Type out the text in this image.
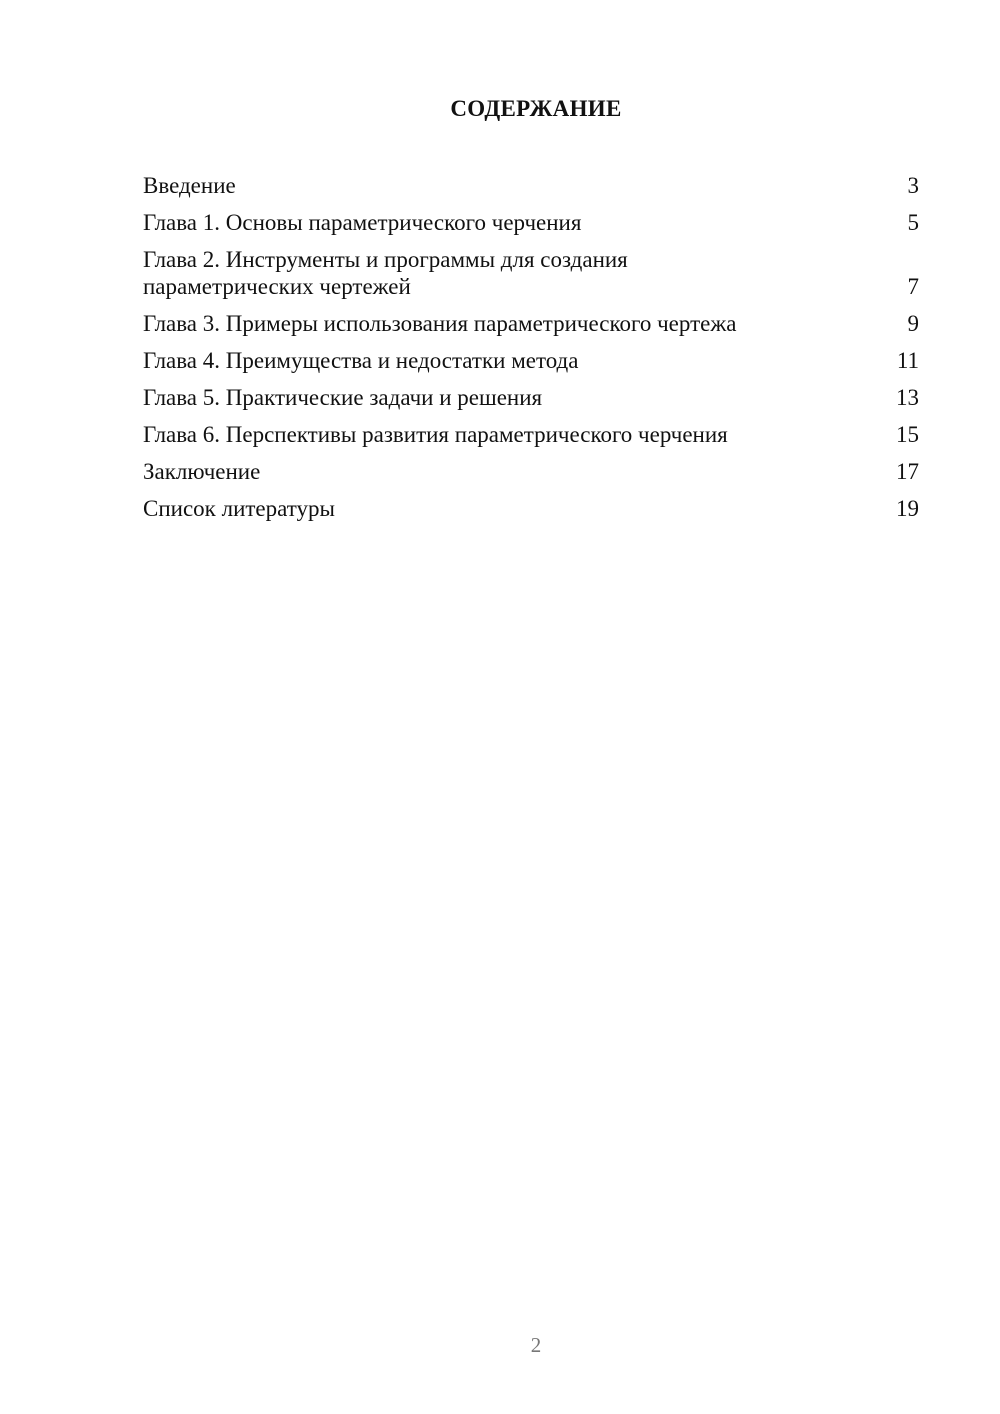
СОДЕРЖАНИЕ
Введение	3
Глава 1. Основы параметрического черчения	5
Глава 2. Инструменты и программы для создания
параметрических чертежей	7
Глава 3. Примеры использования параметрического чертежа	9
Глава 4. Преимущества и недостатки метода	11
Глава 5. Практические задачи и решения	13
Глава 6. Перспективы развития параметрического черчения	15
Заключение	17
Список литературы	19
2
